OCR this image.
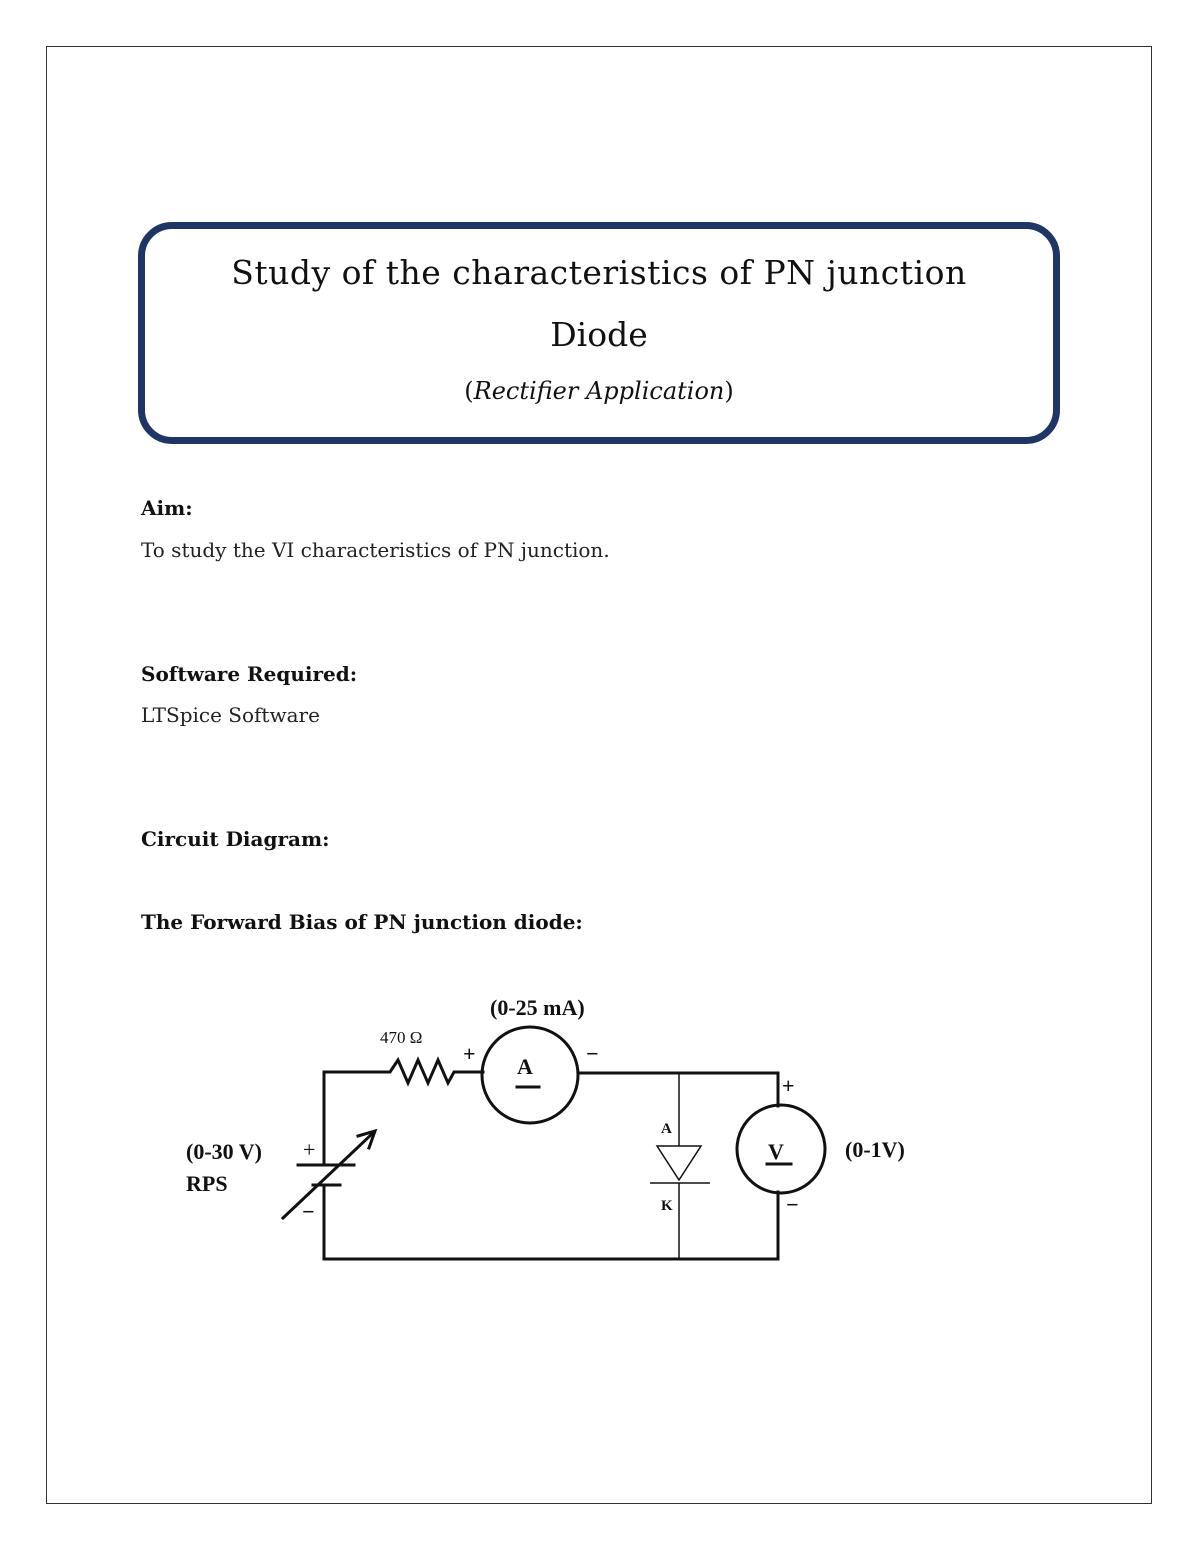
Study of the characteristics of PN junction
Diode
(Rectifier Application)
Aim:
To study the VI characteristics of PN junction.
Software Required:
LTSpice Software
Circuit Diagram:
The Forward Bias of PN junction diode:
(0-25 mA)
470 Ω
A
+	−
+
V
−
(0-1V)
A
K
(0-30 V) +
RPS
−
